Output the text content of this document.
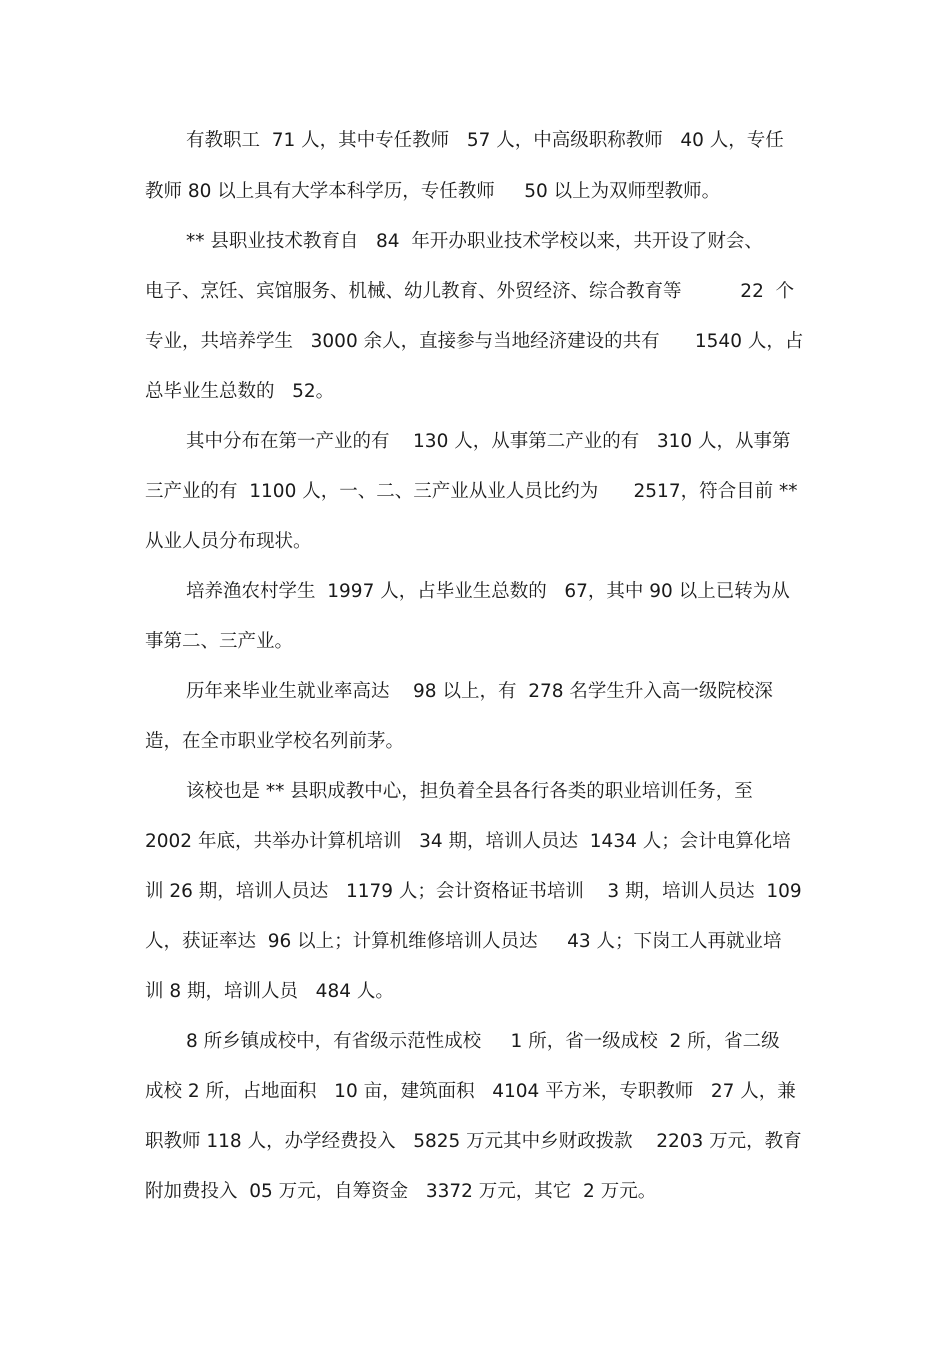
有教职工  71 人，其中专任教师   57 人，中高级职称教师   40 人，专任
教师 80 以上具有大学本科学历，专任教师     50 以上为双师型教师。
** 县职业技术教育自   84  年开办职业技术学校以来，共开设了财会、
电子、烹饪、宾馆服务、机械、幼儿教育、外贸经济、综合教育等          22  个
专业，共培养学生   3000 余人，直接参与当地经济建设的共有      1540 人，占
总毕业生总数的   52。
其中分布在第一产业的有    130 人，从事第二产业的有   310 人，从事第
三产业的有  1100 人，一、二、三产业从业人员比约为      2517，符合目前 **
从业人员分布现状。
培养渔农村学生  1997 人，占毕业生总数的   67，其中 90 以上已转为从
事第二、三产业。
历年来毕业生就业率高达    98 以上，有  278 名学生升入高一级院校深
造，在全市职业学校名列前茅。
该校也是 ** 县职成教中心，担负着全县各行各类的职业培训任务，至
2002 年底，共举办计算机培训   34 期，培训人员达  1434 人；会计电算化培
训 26 期，培训人员达   1179 人；会计资格证书培训    3 期，培训人员达  109
人，获证率达  96 以上；计算机维修培训人员达     43 人；下岗工人再就业培
训 8 期，培训人员   484 人。
8 所乡镇成校中，有省级示范性成校     1 所，省一级成校  2 所，省二级
成校 2 所，占地面积   10 亩，建筑面积   4104 平方米，专职教师   27 人，兼
职教师 118 人，办学经费投入   5825 万元其中乡财政拨款    2203 万元，教育
附加费投入  05 万元，自筹资金   3372 万元，其它  2 万元。
